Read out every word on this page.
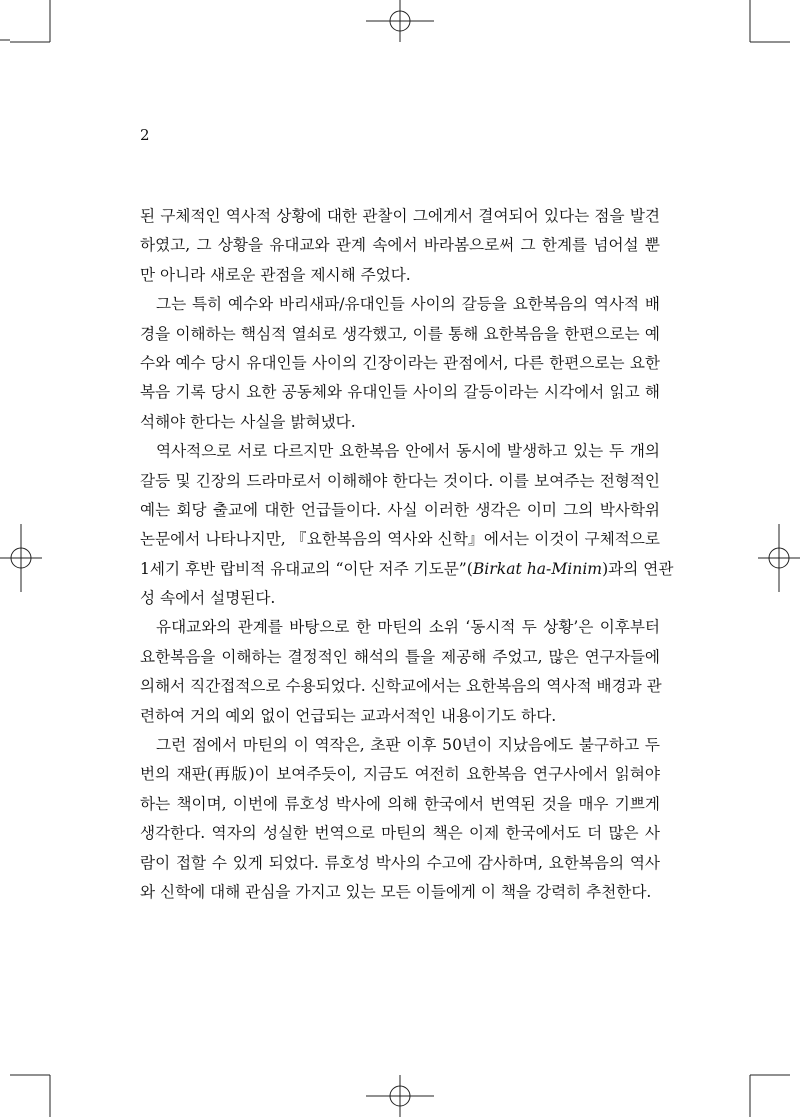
2
된 구체적인 역사적 상황에 대한 관찰이 그에게서 결여되어 있다는 점을 발견
하였고, 그 상황을 유대교와 관계 속에서 바라봄으로써 그 한계를 넘어설 뿐
만 아니라 새로운 관점을 제시해 주었다.
그는 특히 예수와 바리새파/유대인들 사이의 갈등을 요한복음의 역사적 배
경을 이해하는 핵심적 열쇠로 생각했고, 이를 통해 요한복음을 한편으로는 예
수와 예수 당시 유대인들 사이의 긴장이라는 관점에서, 다른 한편으로는 요한
복음 기록 당시 요한 공동체와 유대인들 사이의 갈등이라는 시각에서 읽고 해
석해야 한다는 사실을 밝혀냈다.
역사적으로 서로 다르지만 요한복음 안에서 동시에 발생하고 있는 두 개의
갈등 및 긴장의 드라마로서 이해해야 한다는 것이다. 이를 보여주는 전형적인
예는 회당 출교에 대한 언급들이다. 사실 이러한 생각은 이미 그의 박사학위
논문에서 나타나지만, 『요한복음의 역사와 신학』에서는 이것이 구체적으로
1세기 후반 랍비적 유대교의 “이단 저주 기도문”(Birkat ha-Minim)과의 연관
성 속에서 설명된다.
유대교와의 관계를 바탕으로 한 마틴의 소위 ‘동시적 두 상황’은 이후부터
요한복음을 이해하는 결정적인 해석의 틀을 제공해 주었고, 많은 연구자들에
의해서 직간접적으로 수용되었다. 신학교에서는 요한복음의 역사적 배경과 관
련하여 거의 예외 없이 언급되는 교과서적인 내용이기도 하다.
그런 점에서 마틴의 이 역작은, 초판 이후 50년이 지났음에도 불구하고 두
번의 재판(再版)이 보여주듯이, 지금도 여전히 요한복음 연구사에서 읽혀야
하는 책이며, 이번에 류호성 박사에 의해 한국에서 번역된 것을 매우 기쁘게
생각한다. 역자의 성실한 번역으로 마틴의 책은 이제 한국에서도 더 많은 사
람이 접할 수 있게 되었다. 류호성 박사의 수고에 감사하며, 요한복음의 역사
와 신학에 대해 관심을 가지고 있는 모든 이들에게 이 책을 강력히 추천한다.
